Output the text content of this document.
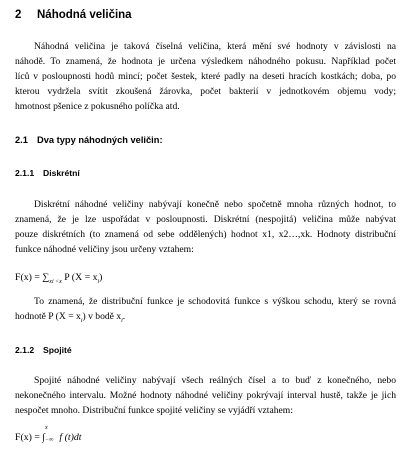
2 Náhodná veličina
Náhodná veličina je taková číselná veličina, která mění své hodnoty v závislosti na
náhodě. To znamená, že hodnota je určena výsledkem náhodného pokusu. Například počet
líců v posloupnosti hodů mincí; počet šestek, které padly na deseti hracích kostkách; doba, po
kterou vydržela svítit zkoušená žárovka, počet bakterií v jednotkovém objemu vody;
hmotnost pšenice z pokusného políčka atd.
2.1 Dva typy náhodných veličin:
2.1.1 Diskrétní
Diskrétní náhodné veličiny nabývají konečně nebo spočetně mnoha různých hodnot, to
znamená, že je lze uspořádat v posloupnosti. Diskrétní (nespojitá) veličina může nabývat
pouze diskrétních (to znamená od sebe oddělených) hodnot x1, x2…,xk. Hodnoty distribuční
funkce náhodné veličiny jsou určeny vztahem:
$F(x) = \sum_{xi <x}$ P $(X = x_i)$
To znamená, že distribuční funkce je schodovitá funkce s výškou schodu, který se rovná
hodnotě P $(X = x_i)$ v bodě $x_i$.
2.1.2 Spojité
Spojité náhodné veličiny nabývají všech reálných čísel a to buď z konečného, nebo
nekonečného intervalu. Možné hodnoty náhodné veličiny pokrývají interval hustě, takže je jich
nespočet mnoho. Distribuční funkce spojité veličiny se vyjádří vztahem:
F(x) = ∫
x
−∞ f (t)dt
